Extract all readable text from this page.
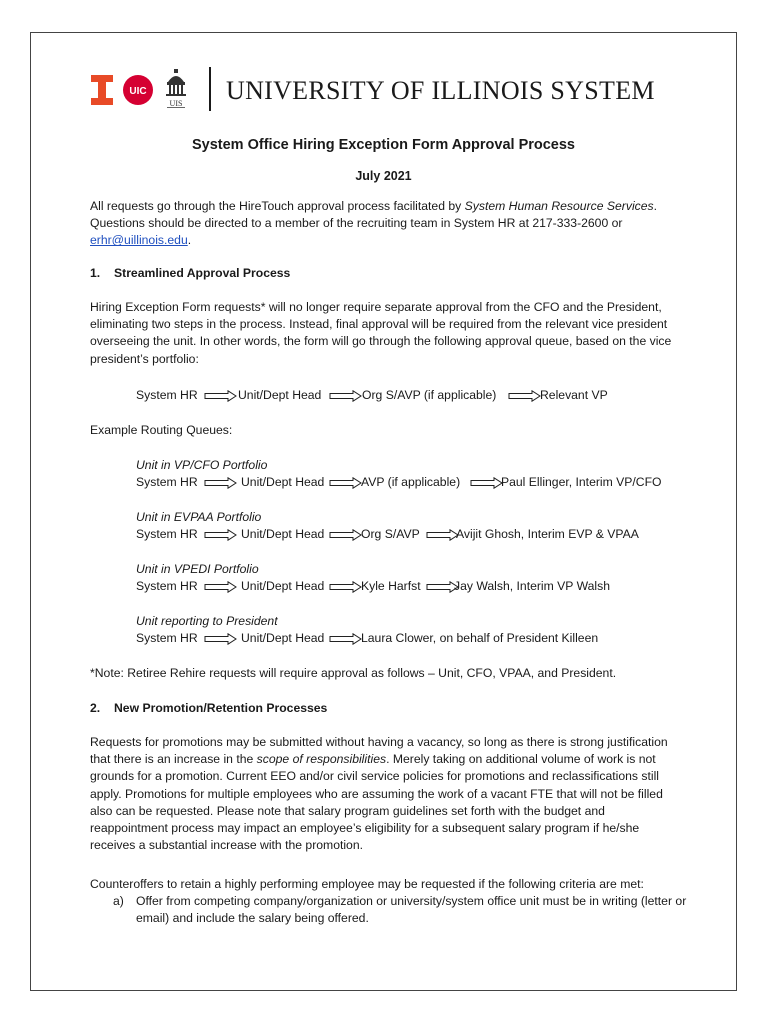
UIC
UIS UNIVERSITY OF ILLINOIS SYSTEM
System Office Hiring Exception Form Approval Process
July 2021
All requests go through the HireTouch approval process facilitated by System Human Resource Services. Questions should be directed to a member of the recruiting team in System HR at 217-333-2600 or erhr@uillinois.edu.
1. Streamlined Approval Process
Hiring Exception Form requests* will no longer require separate approval from the CFO and the President, eliminating two steps in the process. Instead, final approval will be required from the relevant vice president overseeing the unit. In other words, the form will go through the following approval queue, based on the vice president’s portfolio:
System HR	Unit/Dept Head	Org S/AVP (if applicable)	Relevant VP
Example Routing Queues:
Unit in VP/CFO Portfolio
System HR	Unit/Dept Head	AVP (if applicable)	Paul Ellinger, Interim VP/CFO
Unit in EVPAA Portfolio
System HR	Unit/Dept Head	Org S/AVP	Avijit Ghosh, Interim EVP & VPAA
Unit in VPEDI Portfolio
System HR	Unit/Dept Head	Kyle Harfst	Jay Walsh, Interim VP Walsh
Unit reporting to President
System HR	Unit/Dept Head	Laura Clower, on behalf of President Killeen
*Note: Retiree Rehire requests will require approval as follows – Unit, CFO, VPAA, and President.
2. New Promotion/Retention Processes
Requests for promotions may be submitted without having a vacancy, so long as there is strong justification that there is an increase in the scope of responsibilities. Merely taking on additional volume of work is not grounds for a promotion. Current EEO and/or civil service policies for promotions and reclassifications still apply. Promotions for multiple employees who are assuming the work of a vacant FTE that will not be filled also can be requested. Please note that salary program guidelines set forth with the budget and reappointment process may impact an employee’s eligibility for a subsequent salary program if he/she receives a substantial increase with the promotion.
Counteroffers to retain a highly performing employee may be requested if the following criteria are met:
a) Offer from competing company/organization or university/system office unit must be in writing (letter or email) and include the salary being offered.
